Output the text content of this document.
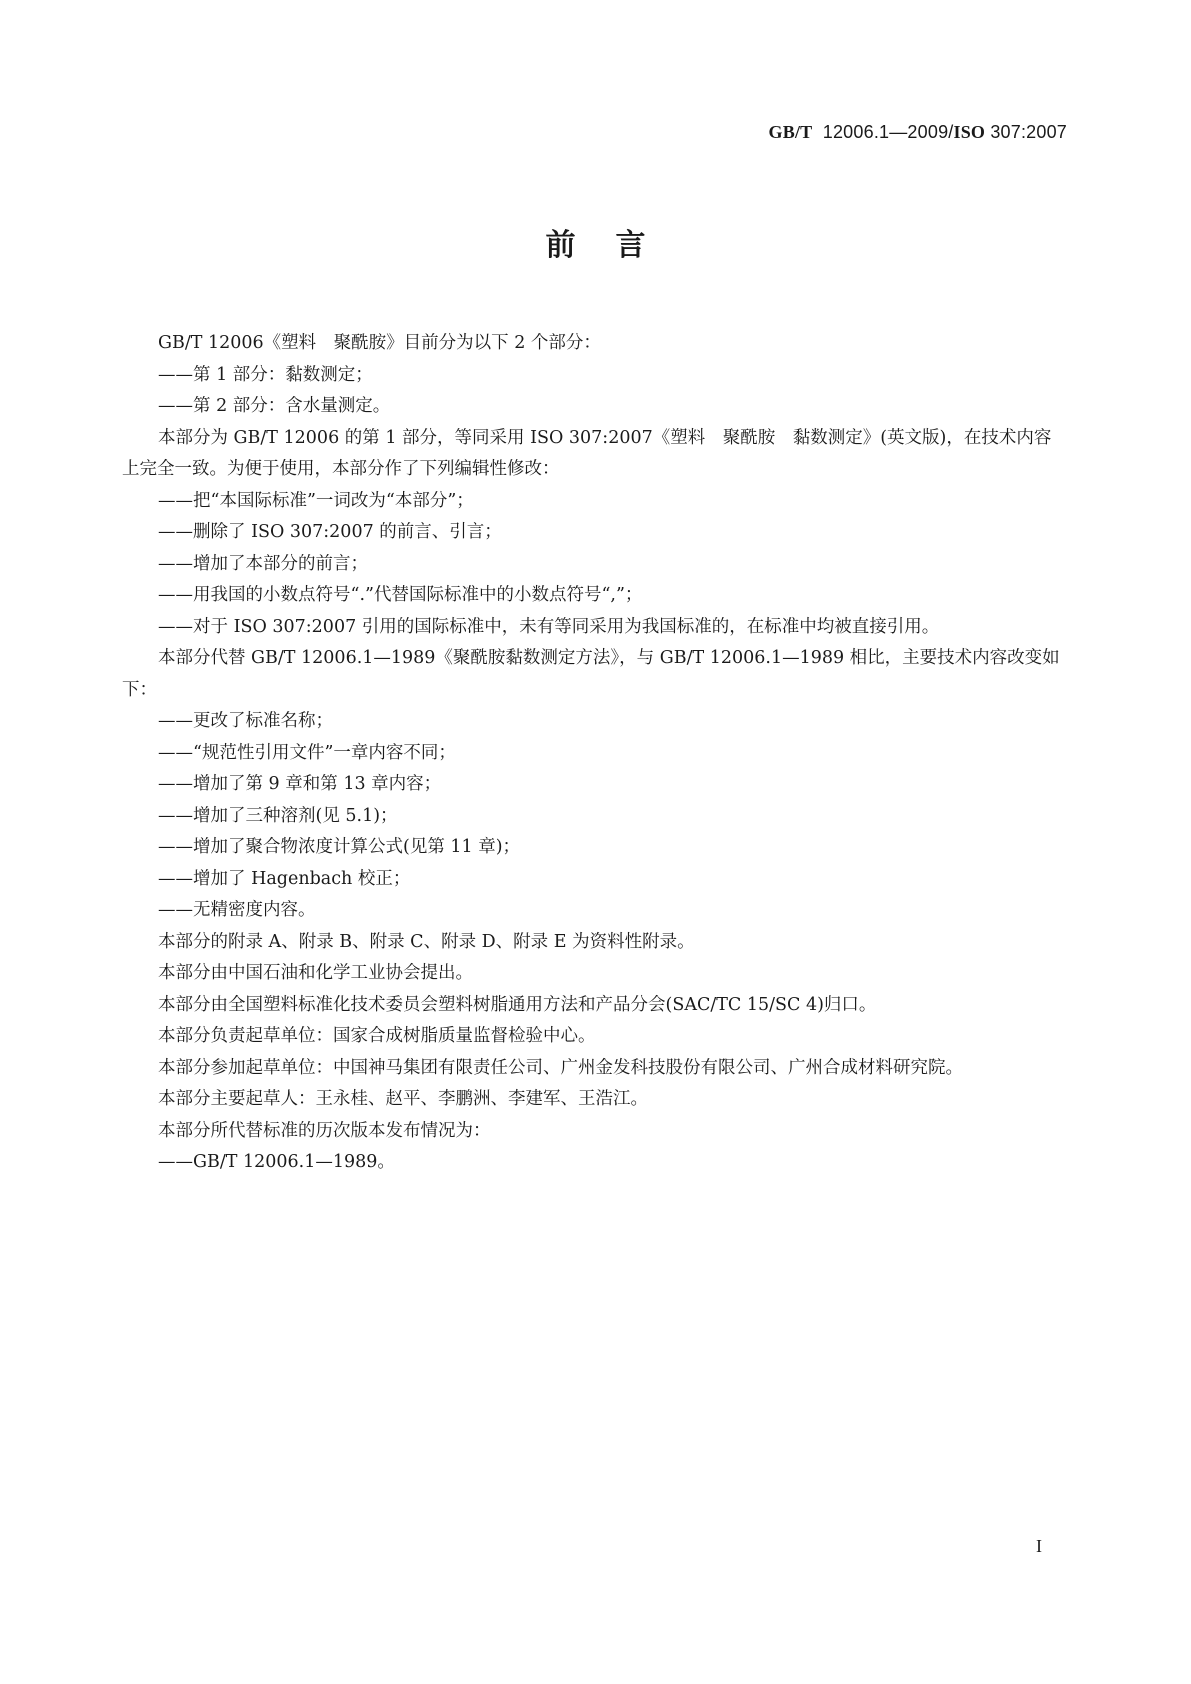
GB/T 12006.1—2009/ISO 307:2007
前言

GB/T 12006《塑料　聚酰胺》目前分为以下 2 个部分：

——第 1 部分：黏数测定；

——第 2 部分：含水量测定。

本部分为 GB/T 12006 的第 1 部分，等同采用 ISO 307:2007《塑料　聚酰胺　黏数测定》(英文版)，在技术内容上完全一致。为便于使用，本部分作了下列编辑性修改：

——把“本国际标准”一词改为“本部分”；

——删除了 ISO 307:2007 的前言、引言；

——增加了本部分的前言；

——用我国的小数点符号“.”代替国际标准中的小数点符号“,”；

——对于 ISO 307:2007 引用的国际标准中，未有等同采用为我国标准的，在标准中均被直接引用。

本部分代替 GB/T 12006.1—1989《聚酰胺黏数测定方法》，与 GB/T 12006.1—1989 相比，主要技术内容改变如下：

——更改了标准名称；

——“规范性引用文件”一章内容不同；

——增加了第 9 章和第 13 章内容；

——增加了三种溶剂(见 5.1)；

——增加了聚合物浓度计算公式(见第 11 章)；

——增加了 Hagenbach 校正；

——无精密度内容。

本部分的附录 A、附录 B、附录 C、附录 D、附录 E 为资料性附录。

本部分由中国石油和化学工业协会提出。

本部分由全国塑料标准化技术委员会塑料树脂通用方法和产品分会(SAC/TC 15/SC 4)归口。

本部分负责起草单位：国家合成树脂质量监督检验中心。

本部分参加起草单位：中国神马集团有限责任公司、广州金发科技股份有限公司、广州合成材料研究院。

本部分主要起草人：王永桂、赵平、李鹏洲、李建军、王浩江。

本部分所代替标准的历次版本发布情况为：

——GB/T 12006.1—1989。

I
